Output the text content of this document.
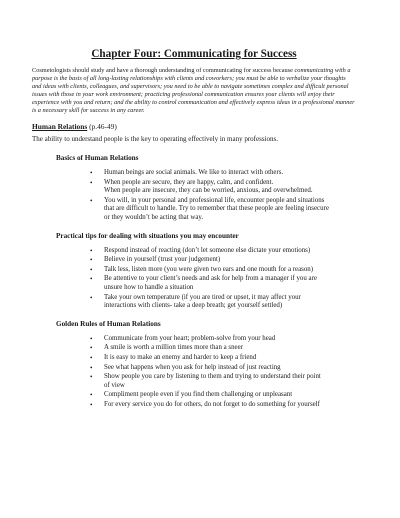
Chapter Four: Communicating for Success

Cosmetologists should study and have a thorough understanding of communicating for success because communicating with a purpose is the basis of all long-lasting relationships with clients and coworkers; you must be able to verbalize your thoughts and ideas with clients, colleagues, and supervisors; you need to be able to navigate sometimes complex and difficult personal issues with those in your work environment; practicing professional communication ensures your clients will enjoy their experience with you and return; and the ability to control communication and effectively express ideas in a professional manner is a necessary skill for success in any career.

Human Relations (p.46-49)

The ability to understand people is the key to operating effectively in many professions.

Basics of Human Relations
• Human beings are social animals. We like to interact with others.
• When people are secure, they are happy, calm, and confident.
When people are insecure, they can be worried, anxious, and overwhelmed.
• You will, in your personal and professional life, encounter people and situations
that are difficult to handle. Try to remember that these people are feeling insecure
or they wouldn’t be acting that way.
Practical tips for dealing with situations you may encounter
• Respond instead of reacting (don’t let someone else dictate your emotions)
• Believe in yourself (trust your judgement)
• Talk less, listen more (you were given two ears and one mouth for a reason)
• Be attentive to your client’s needs and ask for help from a manager if you are
unsure how to handle a situation
• Take your own temperature (if you are tired or upset, it may affect your
interactions with clients- take a deep breath; get yourself settled)
Golden Rules of Human Relations
• Communicate from your heart; problem-solve from your head
• A smile is worth a million times more than a sneer
• It is easy to make an enemy and harder to keep a friend
• See what happens when you ask for help instead of just reacting
• Show people you care by listening to them and trying to understand their point
of view
• Compliment people even if you find them challenging or unpleasant
• For every service you do for others, do not forget to do something for yourself
